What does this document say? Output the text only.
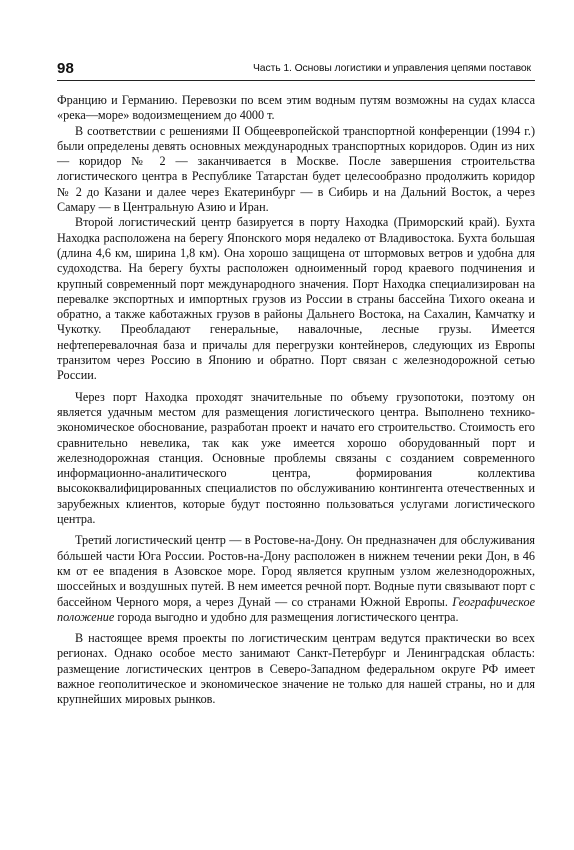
98	Часть 1. Основы логистики и управления цепями поставок

Францию и Германию. Перевозки по всем этим водным путям возможны на судах класса «река—море» водоизмещением до 4000 т.

В соответствии с решениями II Общеевропейской транспортной конференции (1994 г.) были определены девять основных международных транспортных коридоров. Один из них — коридор № 2 — заканчивается в Москве. После завершения строительства логистического центра в Республике Татарстан будет целесообразно продолжить коридор № 2 до Казани и далее через Екатеринбург — в Сибирь и на Дальний Восток, а через Самару — в Центральную Азию и Иран.

Второй логистический центр базируется в порту Находка (Приморский край). Бухта Находка расположена на берегу Японского моря недалеко от Владивостока. Бухта большая (длина 4,6 км, ширина 1,8 км). Она хорошо защищена от штормовых ветров и удобна для судоходства. На берегу бухты расположен одноименный город краевого подчинения и крупный современный порт международного значения. Порт Находка специализирован на перевалке экспортных и импортных грузов из России в страны бассейна Тихого океана и обратно, а также каботажных грузов в районы Дальнего Востока, на Сахалин, Камчатку и Чукотку. Преобладают генеральные, навалочные, лесные грузы. Имеется нефтеперевалочная база и причалы для перегрузки контейнеров, следующих из Европы транзитом через Россию в Японию и обратно. Порт связан с железнодорожной сетью России.

Через порт Находка проходят значительные по объему грузопотоки, поэтому он является удачным местом для размещения логистического центра. Выполнено технико-экономическое обоснование, разработан проект и начато его строительство. Стоимость его сравнительно невелика, так как уже имеется хорошо оборудованный порт и железнодорожная станция. Основные проблемы связаны с созданием современного информационно-аналитического центра, формирования коллектива высококвалифицированных специалистов по обслуживанию контингента отечественных и зарубежных клиентов, которые будут постоянно пользоваться услугами логистического центра.

Третий логистический центр — в Ростове-на-Дону. Он предназначен для обслуживания бóльшей части Юга России. Ростов-на-Дону расположен в нижнем течении реки Дон, в 46 км от ее впадения в Азовское море. Город является крупным узлом железнодорожных, шоссейных и воздушных путей. В нем имеется речной порт. Водные пути связывают порт с бассейном Черного моря, а через Дунай — со странами Южной Европы. Географическое положение города выгодно и удобно для размещения логистического центра.

В настоящее время проекты по логистическим центрам ведутся практически во всех регионах. Однако особое место занимают Санкт-Петербург и Ленинградская область: размещение логистических центров в Северо-Западном федеральном округе РФ имеет важное геополитическое и экономическое значение не только для нашей страны, но и для крупнейших мировых рынков.
